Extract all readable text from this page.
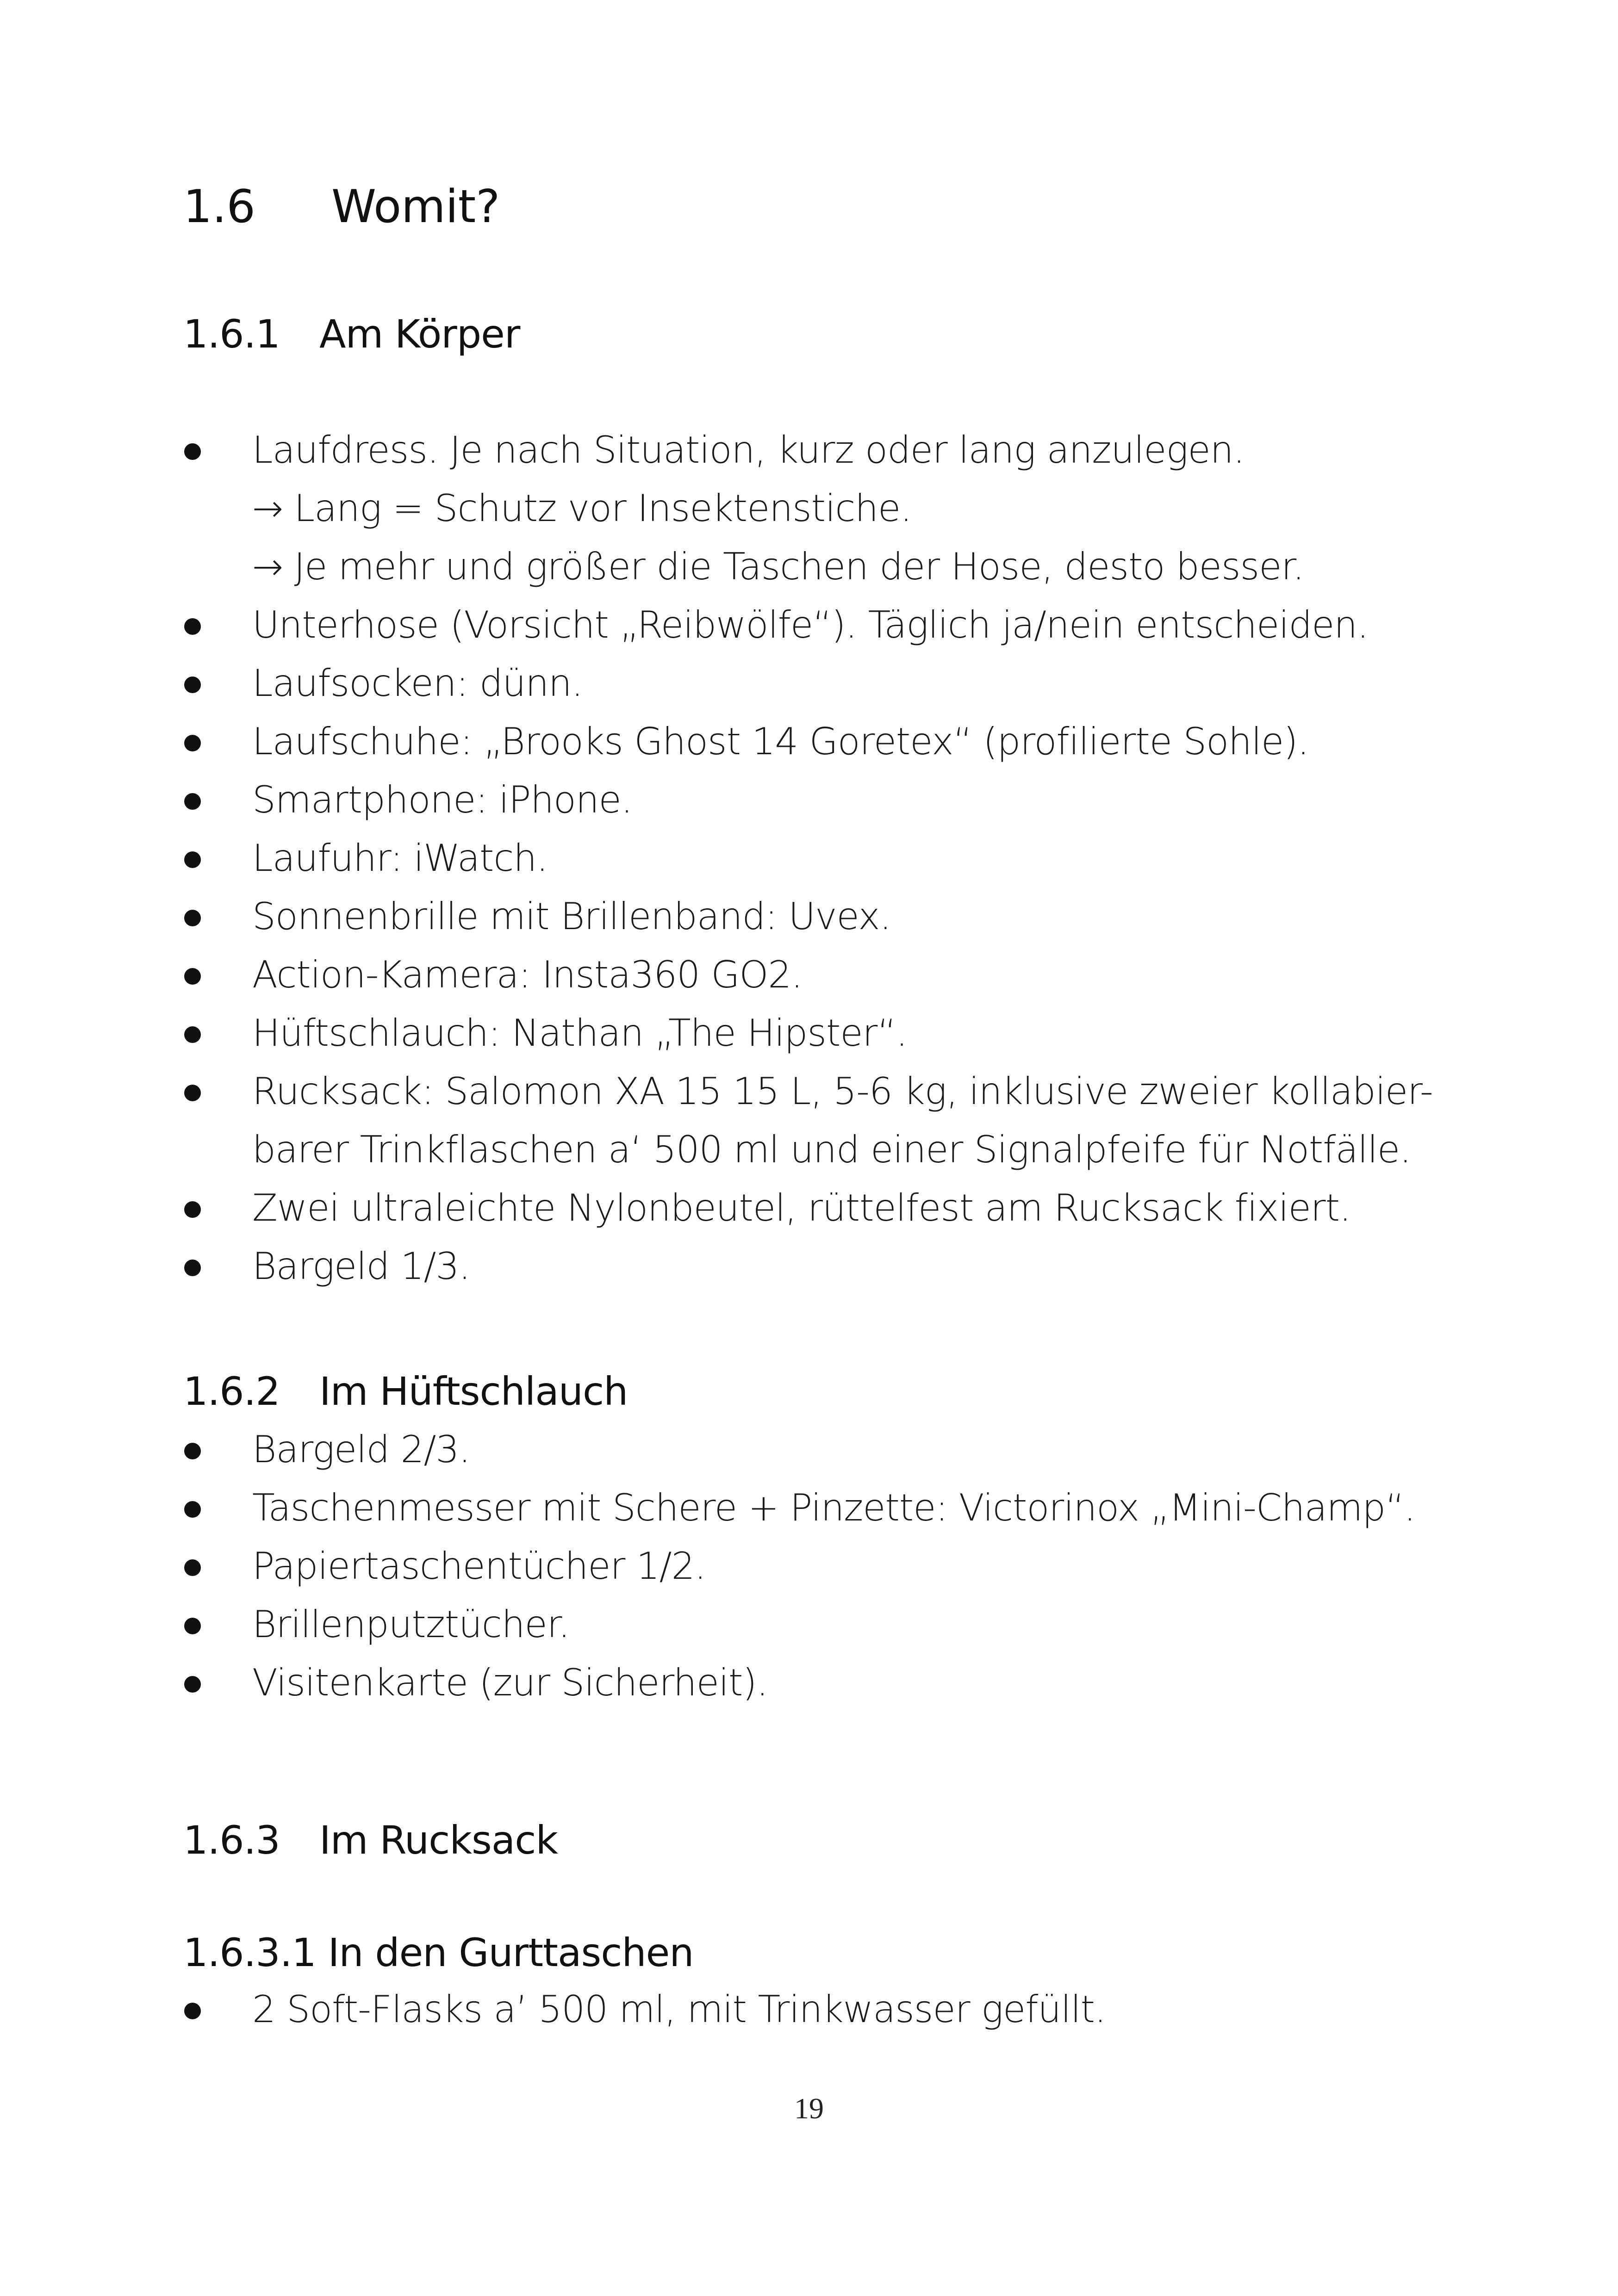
1.6 Womit?
1.6.1 Am Körper
Laufdress. Je nach Situation, kurz oder lang anzulegen.
→ Lang = Schutz vor Insektenstiche.
→ Je mehr und größer die Taschen der Hose, desto besser.
Unterhose (Vorsicht „Reibwölfe“). Täglich ja/nein entscheiden.
Laufsocken: dünn.
Laufschuhe: „Brooks Ghost 14 Goretex“ (profilierte Sohle).
Smartphone: iPhone.
Laufuhr: iWatch.
Sonnenbrille mit Brillenband: Uvex.
Action-Kamera: Insta360 GO2.
Hüftschlauch: Nathan „The Hipster“.
Rucksack: Salomon XA 15 15 L, 5-6 kg, inklusive zweier kollabier-
barer Trinkflaschen a‘ 500 ml und einer Signalpfeife für Notfälle.
Zwei ultraleichte Nylonbeutel, rüttelfest am Rucksack fixiert.
Bargeld 1/3.
1.6.2 Im Hüftschlauch
Bargeld 2/3.
Taschenmesser mit Schere + Pinzette: Victorinox „Mini-Champ“.
Papiertaschentücher 1/2.
Brillenputztücher.
Visitenkarte (zur Sicherheit).
1.6.3 Im Rucksack
1.6.3.1 In den Gurttaschen
2 Soft-Flasks a’ 500 ml, mit Trinkwasser gefüllt.
19
